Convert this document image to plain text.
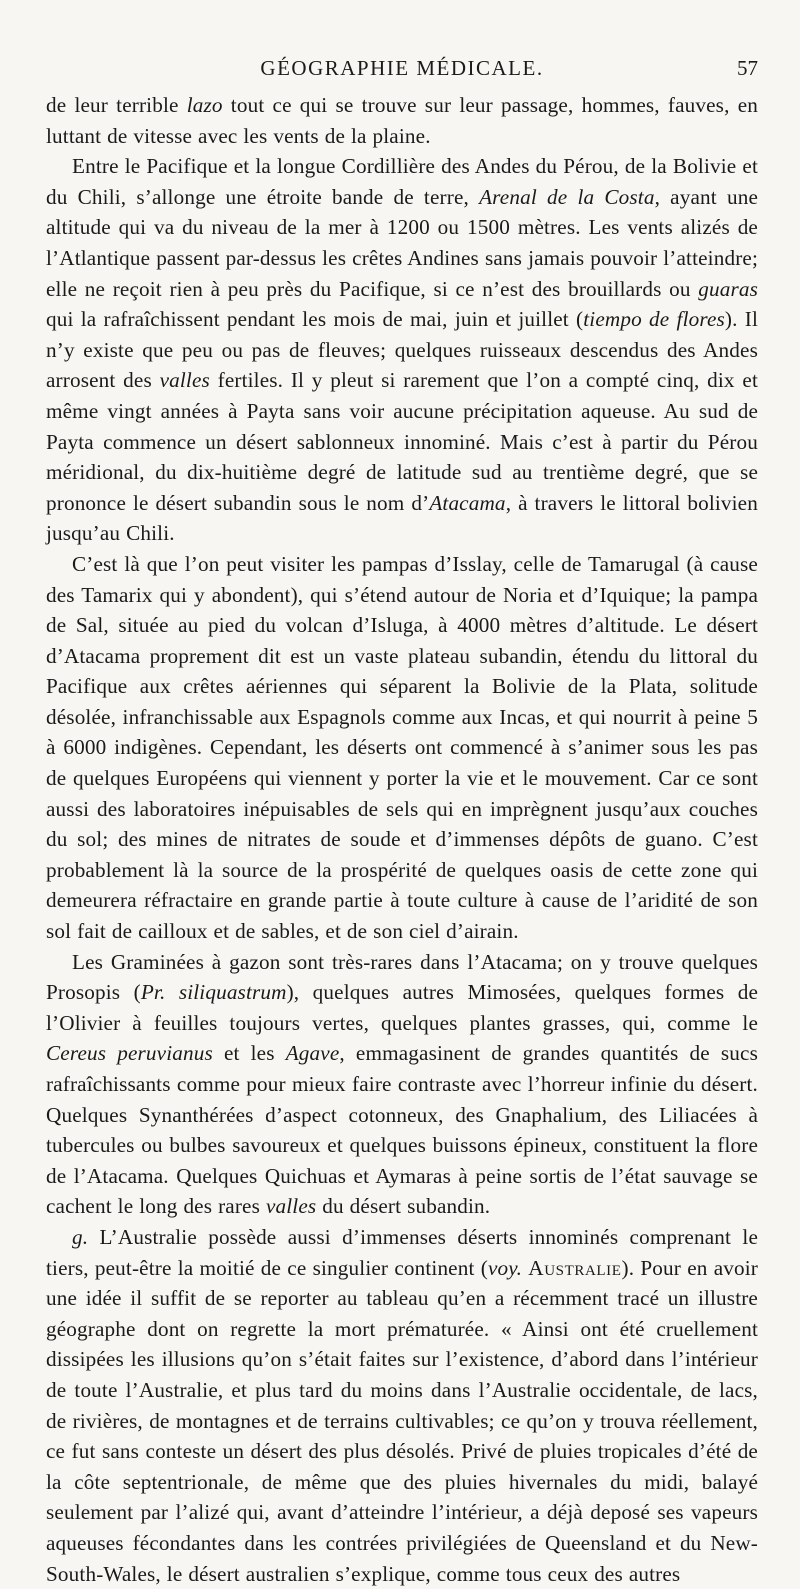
GÉOGRAPHIE MÉDICALE.	57

de leur terrible lazo tout ce qui se trouve sur leur passage, hommes, fauves, en luttant de vitesse avec les vents de la plaine.

Entre le Pacifique et la longue Cordillière des Andes du Pérou, de la Bolivie et du Chili, s’allonge une étroite bande de terre, Arenal de la Costa, ayant une altitude qui va du niveau de la mer à 1200 ou 1500 mètres. Les vents alizés de l’Atlantique passent par-dessus les crêtes Andines sans jamais pouvoir l’atteindre; elle ne reçoit rien à peu près du Pacifique, si ce n’est des brouillards ou guaras qui la rafraîchissent pendant les mois de mai, juin et juillet (tiempo de flores). Il n’y existe que peu ou pas de fleuves; quelques ruisseaux descendus des Andes arrosent des valles fertiles. Il y pleut si rarement que l’on a compté cinq, dix et même vingt années à Payta sans voir aucune précipitation aqueuse. Au sud de Payta commence un désert sablonneux innominé. Mais c’est à partir du Pérou méridional, du dix-huitième degré de latitude sud au trentième degré, que se prononce le désert subandin sous le nom d’Atacama, à travers le littoral bolivien jusqu’au Chili.

C’est là que l’on peut visiter les pampas d’Isslay, celle de Tamarugal (à cause des Tamarix qui y abondent), qui s’étend autour de Noria et d’Iquique; la pampa de Sal, située au pied du volcan d’Isluga, à 4000 mètres d’altitude. Le désert d’Atacama proprement dit est un vaste plateau subandin, étendu du littoral du Pacifique aux crêtes aériennes qui séparent la Bolivie de la Plata, solitude désolée, infranchissable aux Espagnols comme aux Incas, et qui nourrit à peine 5 à 6000 indigènes. Cependant, les déserts ont commencé à s’animer sous les pas de quelques Européens qui viennent y porter la vie et le mouvement. Car ce sont aussi des laboratoires inépuisables de sels qui en imprègnent jusqu’aux couches du sol; des mines de nitrates de soude et d’immenses dépôts de guano. C’est probablement là la source de la prospérité de quelques oasis de cette zone qui demeurera réfractaire en grande partie à toute culture à cause de l’aridité de son sol fait de cailloux et de sables, et de son ciel d’airain.

Les Graminées à gazon sont très-rares dans l’Atacama; on y trouve quelques Prosopis (Pr. siliquastrum), quelques autres Mimosées, quelques formes de l’Olivier à feuilles toujours vertes, quelques plantes grasses, qui, comme le Cereus peruvianus et les Agave, emmagasinent de grandes quantités de sucs rafraîchissants comme pour mieux faire contraste avec l’horreur infinie du désert. Quelques Synanthérées d’aspect cotonneux, des Gnaphalium, des Liliacées à tubercules ou bulbes savoureux et quelques buissons épineux, constituent la flore de l’Atacama. Quelques Quichuas et Aymaras à peine sortis de l’état sauvage se cachent le long des rares valles du désert subandin.

g. L’Australie possède aussi d’immenses déserts innominés comprenant le tiers, peut-être la moitié de ce singulier continent (voy. Australie). Pour en avoir une idée il suffit de se reporter au tableau qu’en a récemment tracé un illustre géographe dont on regrette la mort prématurée. « Ainsi ont été cruellement dissipées les illusions qu’on s’était faites sur l’existence, d’abord dans l’intérieur de toute l’Australie, et plus tard du moins dans l’Australie occidentale, de lacs, de rivières, de montagnes et de terrains cultivables; ce qu’on y trouva réellement, ce fut sans conteste un désert des plus désolés. Privé de pluies tropicales d’été de la côte septentrionale, de même que des pluies hivernales du midi, balayé seulement par l’alizé qui, avant d’atteindre l’intérieur, a déjà deposé ses vapeurs aqueuses fécondantes dans les contrées privilégiées de Queensland et du New-South-Wales, le désert australien s’explique, comme tous ceux des autres
